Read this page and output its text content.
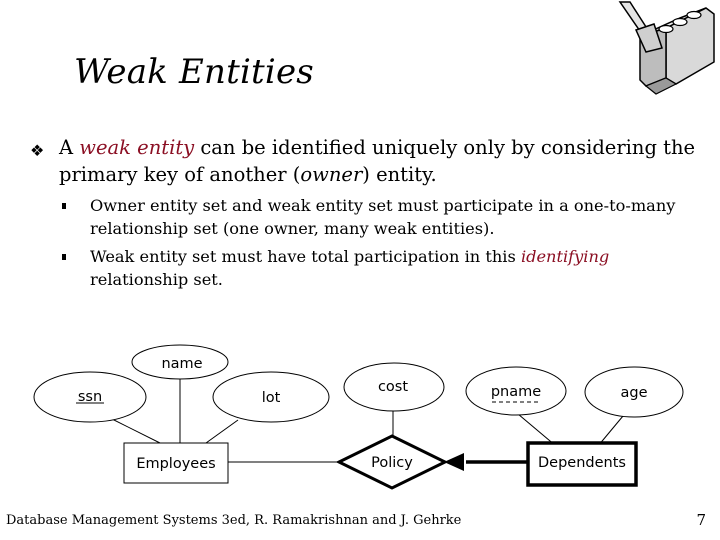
Weak Entities
❖ A weak entity can be identified uniquely only by considering the primary key of another (owner) entity.
Owner entity set and weak entity set must participate in a one-to-many relationship set (one owner, many weak entities).
Weak entity set must have total participation in this identifying relationship set.
name
ssn	lot
cost	pname	age
Employees	Policy	Dependents
Database Management Systems 3ed, R. Ramakrishnan and J. Gehrke	7
